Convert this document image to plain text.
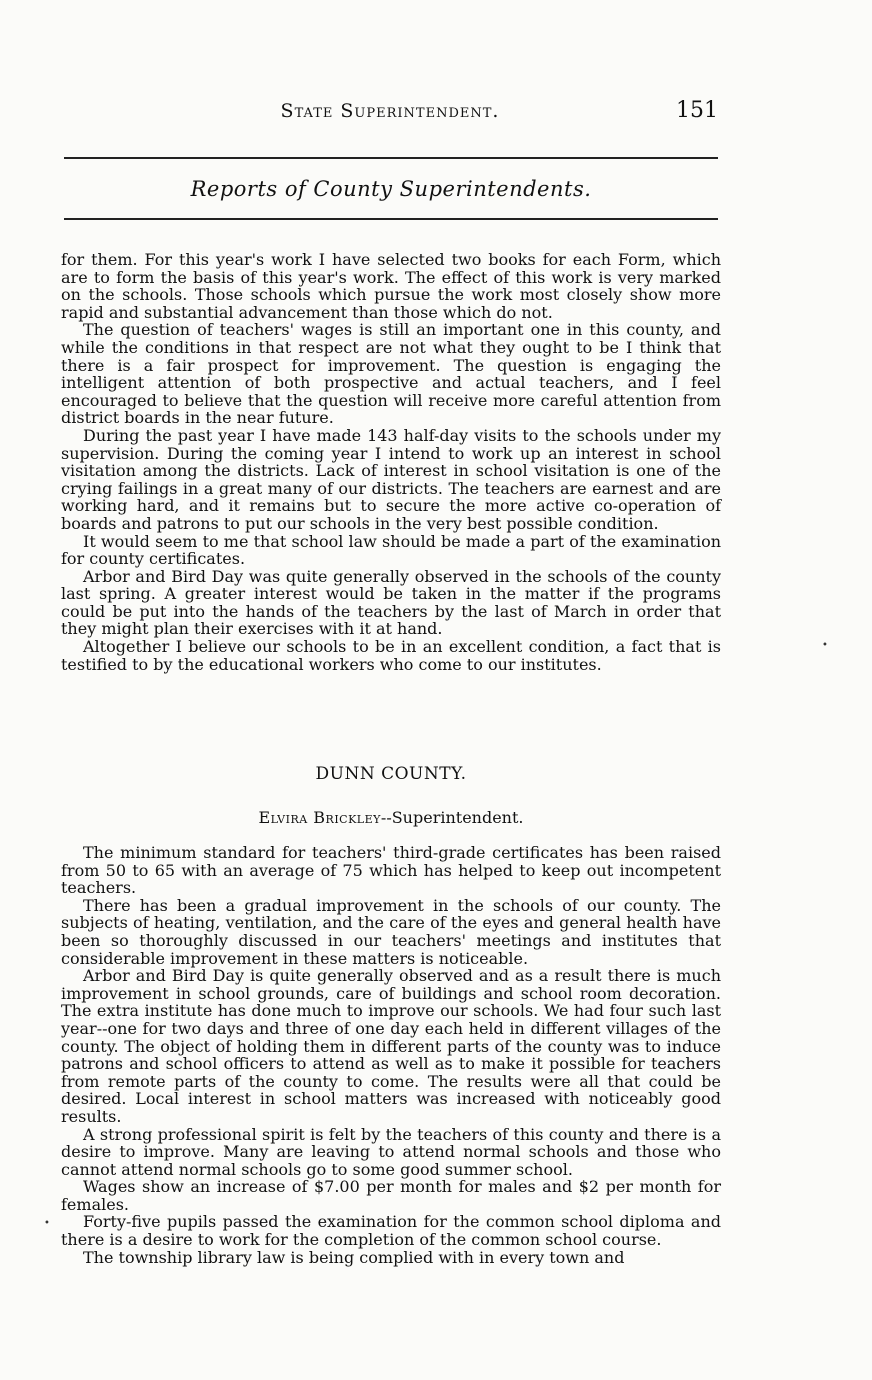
State Superintendent.	151
Reports of County Superintendents.

for them. For this year's work I have selected two books for each Form, which are to form the basis of this year's work. The effect of this work is very marked on the schools. Those schools which pursue the work most closely show more rapid and substantial advancement than those which do not.

The question of teachers' wages is still an important one in this county, and while the conditions in that respect are not what they ought to be I think that there is a fair prospect for improvement. The question is engaging the intelligent attention of both prospective and actual teachers, and I feel encouraged to believe that the question will receive more careful attention from district boards in the near future.

During the past year I have made 143 half-day visits to the schools under my supervision. During the coming year I intend to work up an interest in school visitation among the districts. Lack of interest in school visitation is one of the crying failings in a great many of our districts. The teachers are earnest and are working hard, and it remains but to secure the more active co-operation of boards and patrons to put our schools in the very best possible condition.

It would seem to me that school law should be made a part of the examination for county certificates.

Arbor and Bird Day was quite generally observed in the schools of the county last spring. A greater interest would be taken in the matter if the programs could be put into the hands of the teachers by the last of March in order that they might plan their exercises with it at hand.

Altogether I believe our schools to be in an excellent condition, a fact that is testified to by the educational workers who come to our institutes.

DUNN COUNTY.
Elvira Brickley--Superintendent.

The minimum standard for teachers' third-grade certificates has been raised from 50 to 65 with an average of 75 which has helped to keep out incompetent teachers.

There has been a gradual improvement in the schools of our county. The subjects of heating, ventilation, and the care of the eyes and general health have been so thoroughly discussed in our teachers' meetings and institutes that considerable improvement in these matters is noticeable.

Arbor and Bird Day is quite generally observed and as a result there is much improvement in school grounds, care of buildings and school room decoration. The extra institute has done much to improve our schools. We had four such last year--one for two days and three of one day each held in different villages of the county. The object of holding them in different parts of the county was to induce patrons and school officers to attend as well as to make it possible for teachers from remote parts of the county to come. The results were all that could be desired. Local interest in school matters was increased with noticeably good results.

A strong professional spirit is felt by the teachers of this county and there is a desire to improve. Many are leaving to attend normal schools and those who cannot attend normal schools go to some good summer school.

Wages show an increase of $7.00 per month for males and $2 per month for females.

Forty-five pupils passed the examination for the common school diploma and there is a desire to work for the completion of the common school course.

The township library law is being complied with in every town and

•
•
